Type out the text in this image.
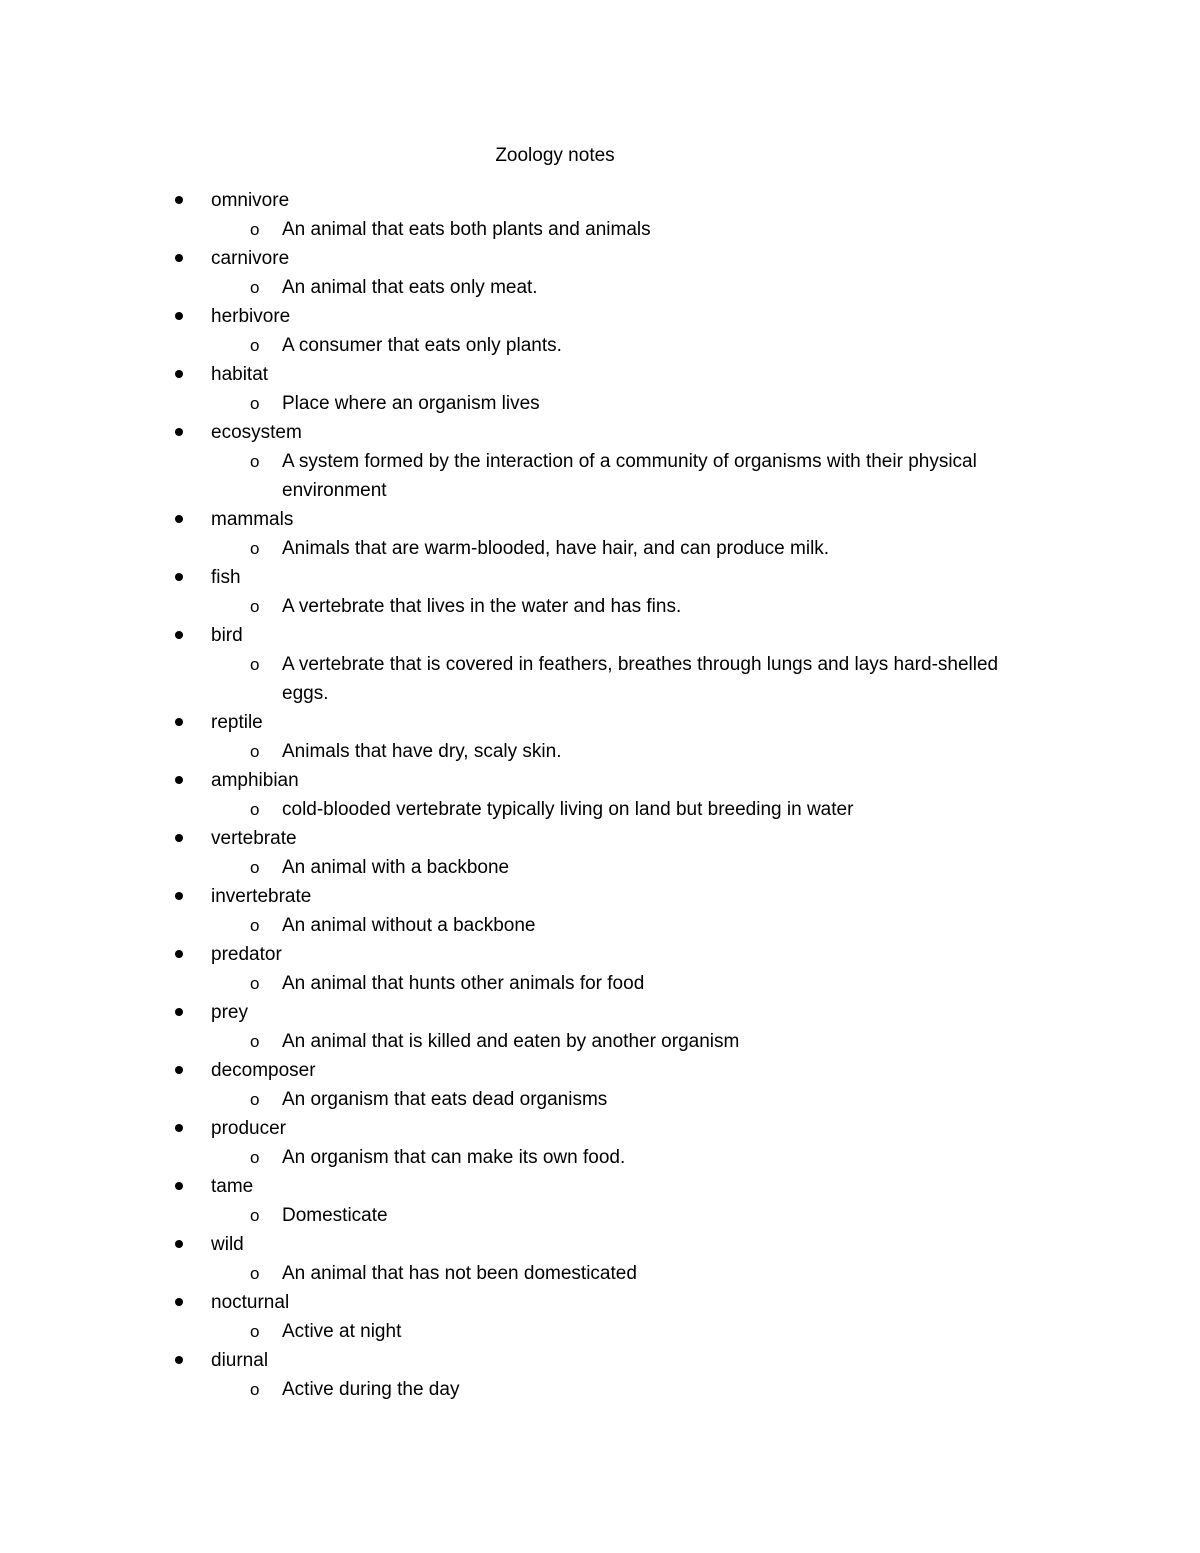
Zoology notes
omnivore
o An animal that eats both plants and animals
carnivore
o An animal that eats only meat.
herbivore
o A consumer that eats only plants.
habitat
o Place where an organism lives
ecosystem
o A system formed by the interaction of a community of organisms with their physical environment
mammals
o Animals that are warm-blooded, have hair, and can produce milk.
fish
o A vertebrate that lives in the water and has fins.
bird
o A vertebrate that is covered in feathers, breathes through lungs and lays hard-shelled eggs.
reptile
o Animals that have dry, scaly skin.
amphibian
o cold-blooded vertebrate typically living on land but breeding in water
vertebrate
o An animal with a backbone
invertebrate
o An animal without a backbone
predator
o An animal that hunts other animals for food
prey
o An animal that is killed and eaten by another organism
decomposer
o An organism that eats dead organisms
producer
o An organism that can make its own food.
tame
o Domesticate
wild
o An animal that has not been domesticated
nocturnal
o Active at night
diurnal
o Active during the day
